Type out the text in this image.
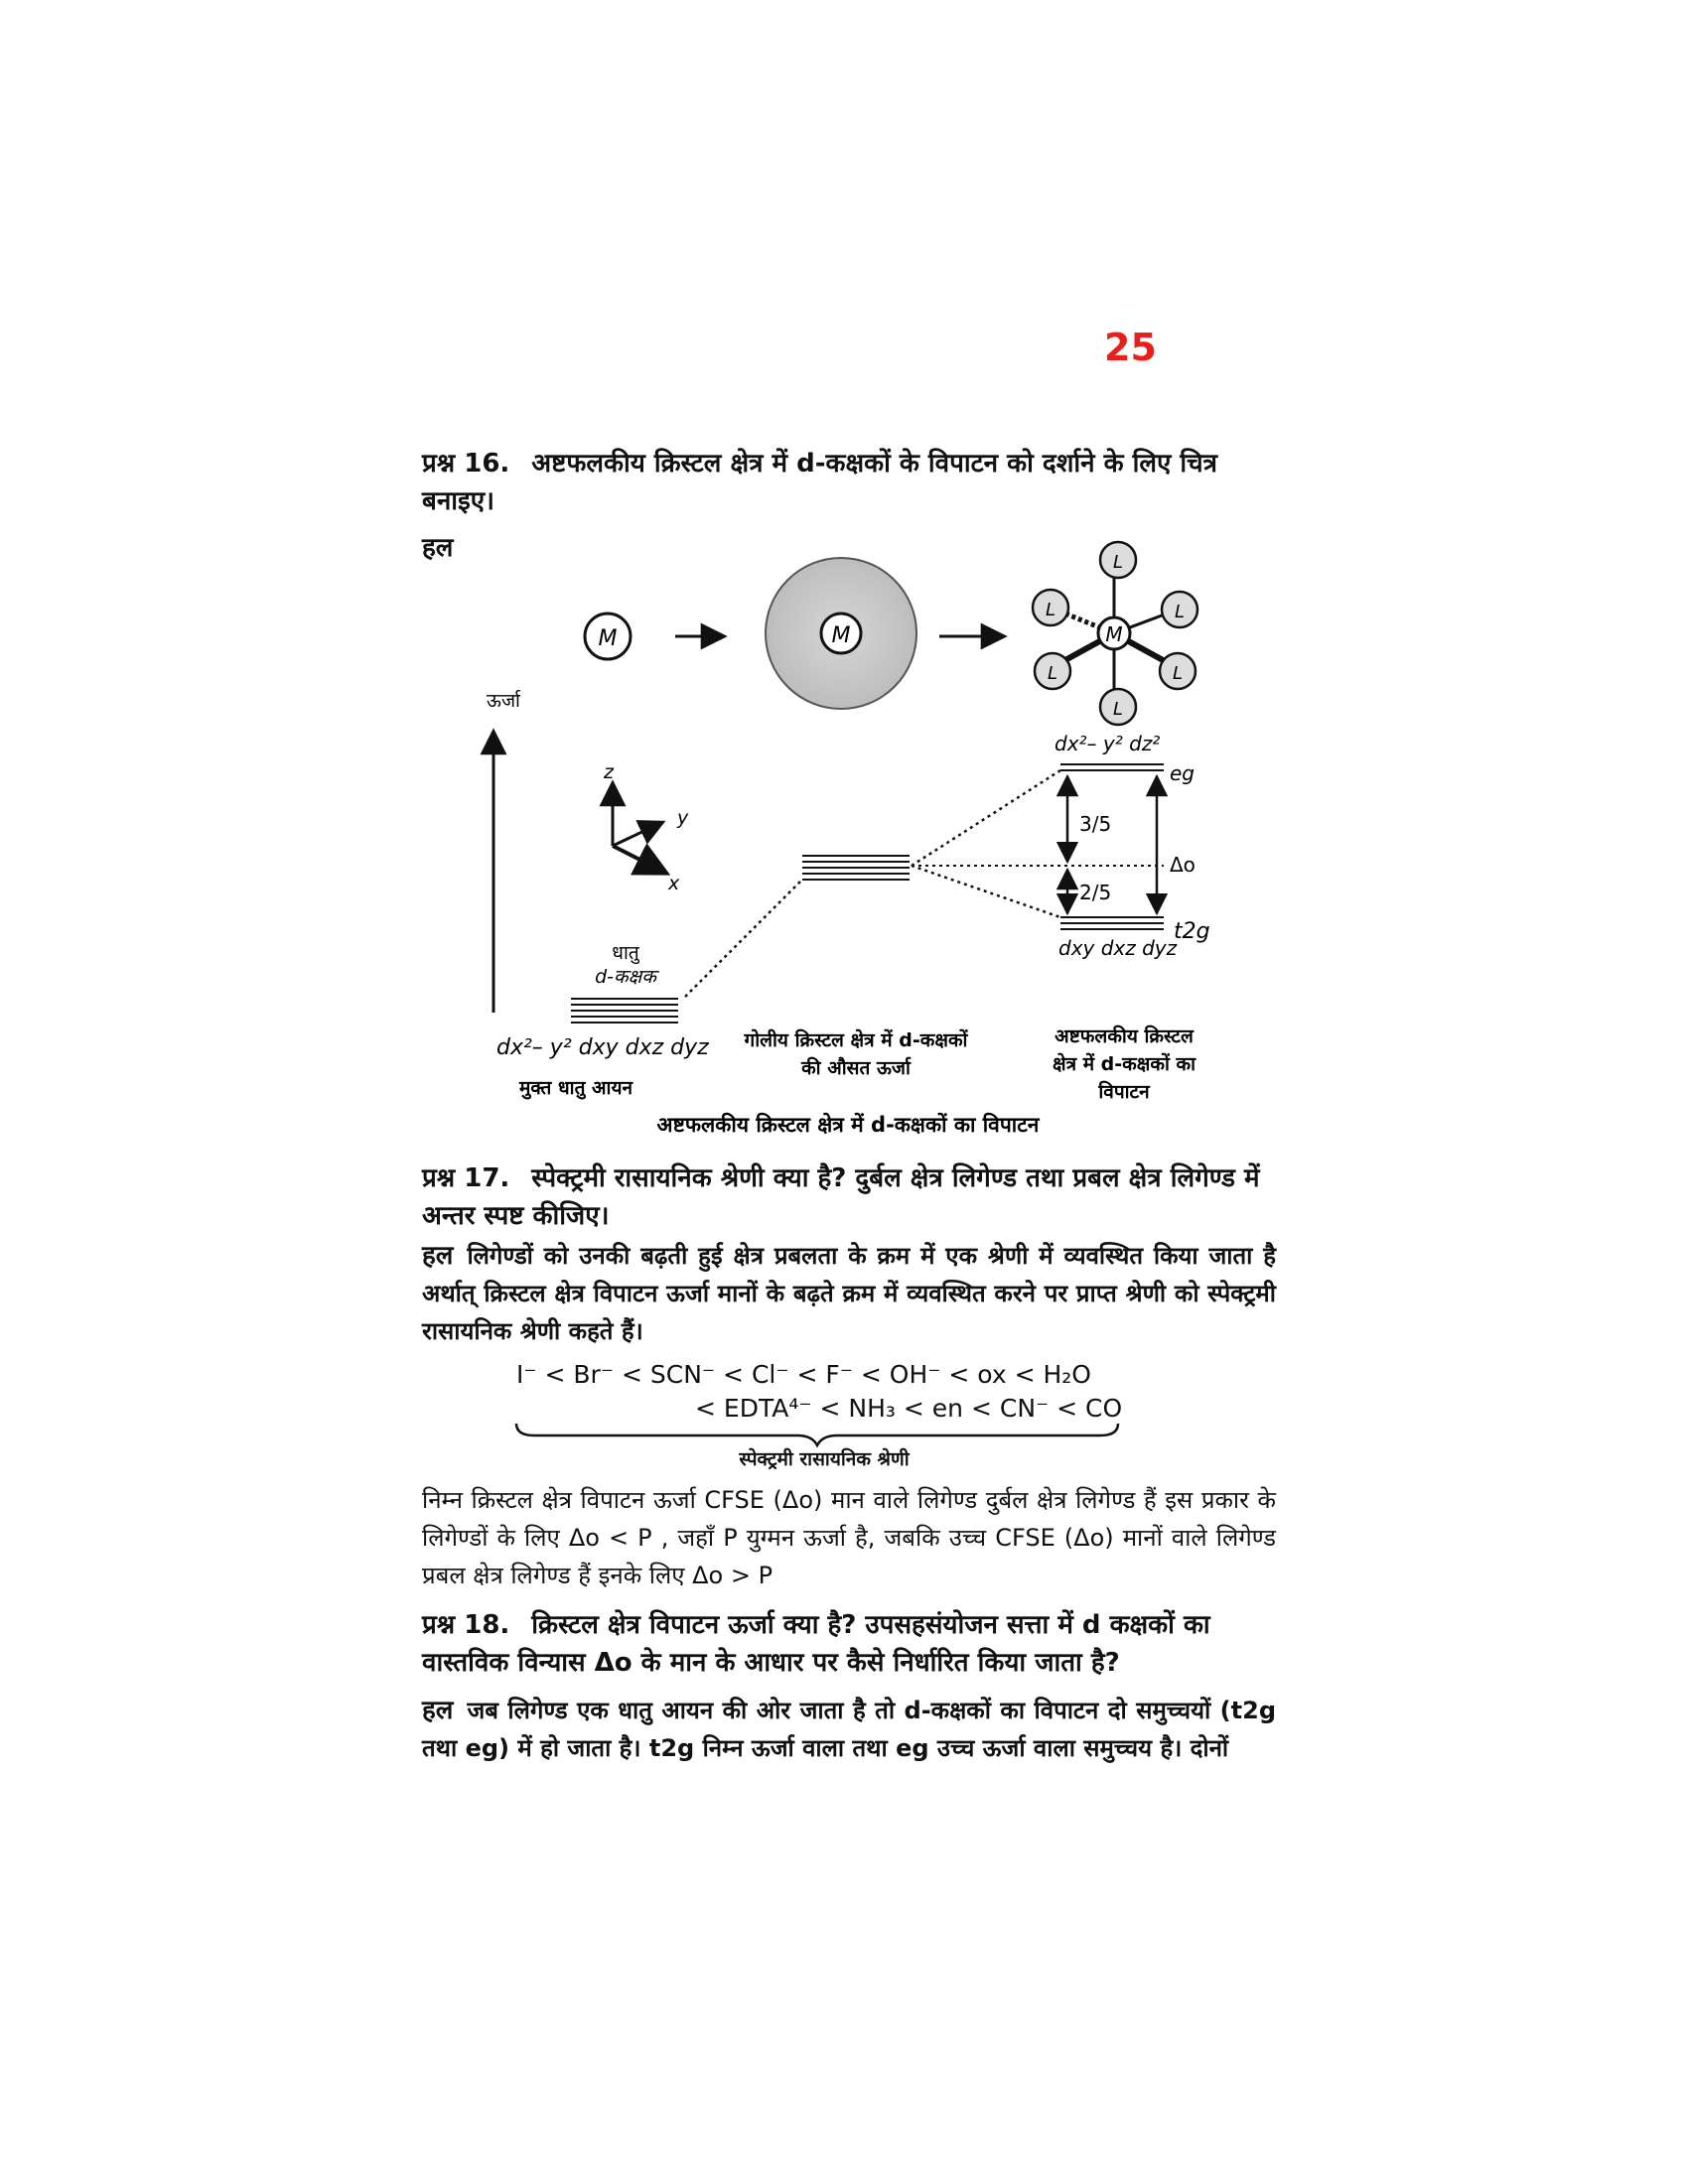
25
प्रश्न 16. अष्टफलकीय क्रिस्टल क्षेत्र में d-कक्षकों के विपाटन को दर्शाने के लिए चित्र बनाइए।
हल
M	M	M
L
L	L
L	L
L
ऊर्जा
z
y
x
धातु
d-कक्षक
3/5
2/5
Δo
dx²– y² dz²
eg
t2g
dxy dxz dyz
dx²– y² dxy dxz dyz
मुक्त धातु आयन
गोलीय क्रिस्टल क्षेत्र में d-कक्षकों
की औसत ऊर्जा
अष्टफलकीय क्रिस्टल
क्षेत्र में d-कक्षकों का
विपाटन
अष्टफलकीय क्रिस्टल क्षेत्र में d-कक्षकों का विपाटन
प्रश्न 17. स्पेक्ट्रमी रासायनिक श्रेणी क्या है? दुर्बल क्षेत्र लिगेण्ड तथा प्रबल क्षेत्र लिगेण्ड में अन्तर स्पष्ट कीजिए।
हल लिगेण्डों को उनकी बढ़ती हुई क्षेत्र प्रबलता के क्रम में एक श्रेणी में व्यवस्थित किया जाता है अर्थात् क्रिस्टल क्षेत्र विपाटन ऊर्जा मानों के बढ़ते क्रम में व्यवस्थित करने पर प्राप्त श्रेणी को स्पेक्ट्रमी रासायनिक श्रेणी कहते हैं।
I⁻ < Br⁻ < SCN⁻ < Cl⁻ < F⁻ < OH⁻ < ox < H₂O
< EDTA⁴⁻ < NH₃ < en < CN⁻ < CO
स्पेक्ट्रमी रासायनिक श्रेणी
निम्न क्रिस्टल क्षेत्र विपाटन ऊर्जा CFSE (Δo) मान वाले लिगेण्ड दुर्बल क्षेत्र लिगेण्ड हैं इस प्रकार के लिगेण्डों के लिए Δo < P , जहाँ P युग्मन ऊर्जा है, जबकि उच्च CFSE (Δo) मानों वाले लिगेण्ड प्रबल क्षेत्र लिगेण्ड हैं इनके लिए Δo > P
प्रश्न 18. क्रिस्टल क्षेत्र विपाटन ऊर्जा क्या है? उपसहसंयोजन सत्ता में d कक्षकों का वास्तविक विन्यास Δo के मान के आधार पर कैसे निर्धारित किया जाता है?
हल जब लिगेण्ड एक धातु आयन की ओर जाता है तो d-कक्षकों का विपाटन दो समुच्चयों (t2g तथा eg) में हो जाता है। t2g निम्न ऊर्जा वाला तथा eg उच्च ऊर्जा वाला समुच्चय है। दोनों
